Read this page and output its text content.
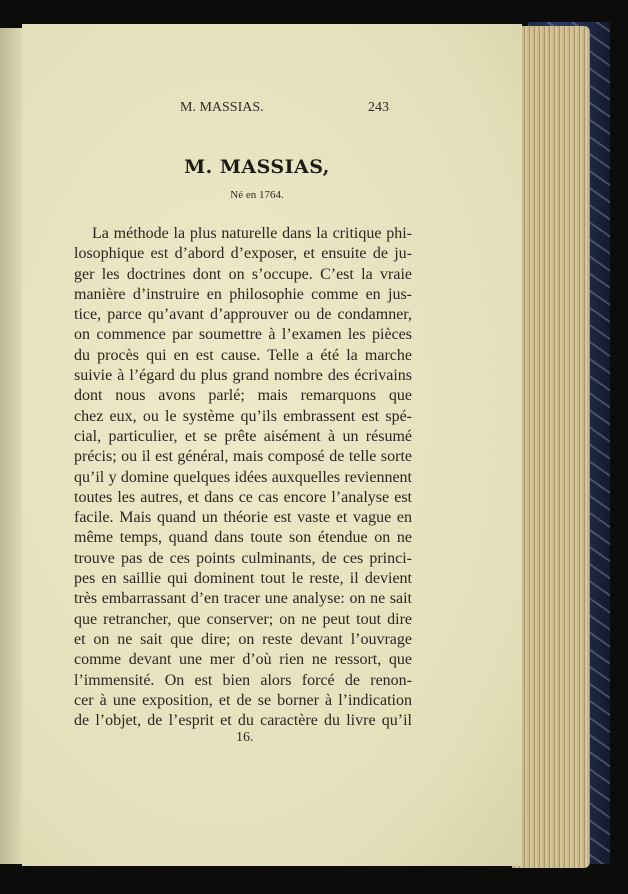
M. MASSIAS.	243
M. MASSIAS,
Né en 1764.
La méthode la plus naturelle dans la critique phi-
losophique est d’abord d’exposer, et ensuite de ju-
ger les doctrines dont on s’occupe. C’est la vraie
manière d’instruire en philosophie comme en jus-
tice, parce qu’avant d’approuver ou de condamner,
on commence par soumettre à l’examen les pièces
du procès qui en est cause. Telle a été la marche
suivie à l’égard du plus grand nombre des écrivains
dont nous avons parlé; mais remarquons que
chez eux, ou le système qu’ils embrassent est spé-
cial, particulier, et se prête aisément à un résumé
précis; ou il est général, mais composé de telle sorte
qu’il y domine quelques idées auxquelles reviennent
toutes les autres, et dans ce cas encore l’analyse est
facile. Mais quand un théorie est vaste et vague en
même temps, quand dans toute son étendue on ne
trouve pas de ces points culminants, de ces princi-
pes en saillie qui dominent tout le reste, il devient
très embarrassant d’en tracer une analyse: on ne sait
que retrancher, que conserver; on ne peut tout dire
et on ne sait que dire; on reste devant l’ouvrage
comme devant une mer d’où rien ne ressort, que
l’immensité. On est bien alors forcé de renon-
cer à une exposition, et de se borner à l’indication
de l’objet, de l’esprit et du caractère du livre qu’il
16.
